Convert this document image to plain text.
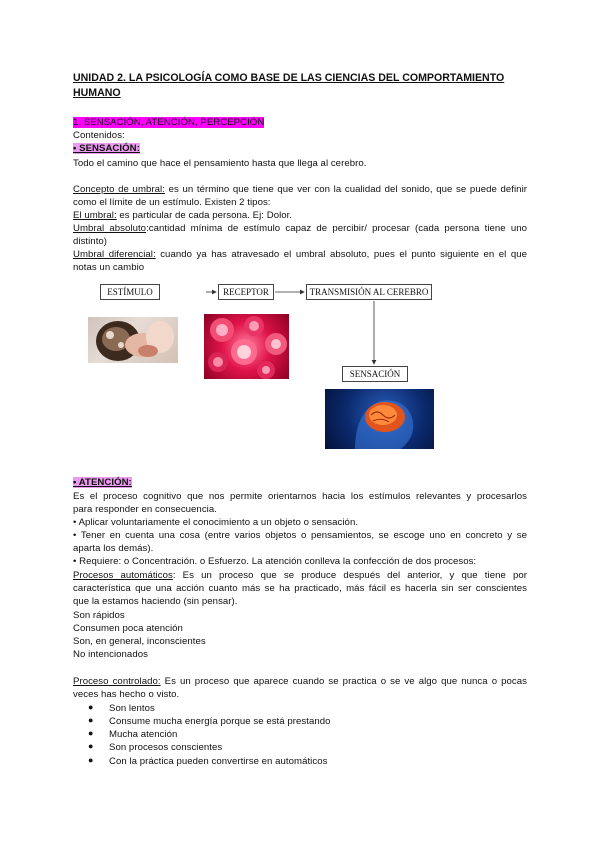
UNIDAD 2. LA PSICOLOGÍA COMO BASE DE LAS CIENCIAS DEL COMPORTAMIENTO
HUMANO
1. SENSACIÓN, ATENCIÓN, PERCEPCIÓN
Contenidos:
• SENSACIÓN:
Todo el camino que hace el pensamiento hasta que llega al cerebro.
Concepto de umbral: es un término que tiene que ver con la cualidad del sonido, que se puede definir
como el límite de un estímulo. Existen 2 tipos:
El umbral: es particular de cada persona. Ej: Dolor.
Umbral absoluto:cantidad mínima de estímulo capaz de percibir/ procesar (cada persona tiene uno
distinto)
Umbral diferencial: cuando ya has atravesado el umbral absoluto, pues el punto siguiente en el que
notas un cambio
ESTÍMULO	RECEPTOR	TRANSMISIÓN AL CEREBRO
SENSACIÓN
• ATENCIÓN:
Es el proceso cognitivo que nos permite orientarnos hacia los estímulos relevantes y procesarlos
para responder en consecuencia.
• Aplicar voluntariamente el conocimiento a un objeto o sensación.
• Tener en cuenta una cosa (entre varios objetos o pensamientos, se escoge uno en concreto y se
aparta los demás).
• Requiere: o Concentración. o Esfuerzo. La atención conlleva la confección de dos procesos:
Procesos automáticos: Es un proceso que se produce después del anterior, y que tiene por
característica que una acción cuanto más se ha practicado, más fácil es hacerla sin ser conscientes
que la estamos haciendo (sin pensar).
Son rápidos
Consumen poca atención
Son, en general, inconscientes
No intencionados
Proceso controlado: Es un proceso que aparece cuando se practica o se ve algo que nunca o pocas
veces has hecho o visto.
● Son lentos
● Consume mucha energía porque se está prestando
● Mucha atención
● Son procesos conscientes
● Con la práctica pueden convertirse en automáticos
